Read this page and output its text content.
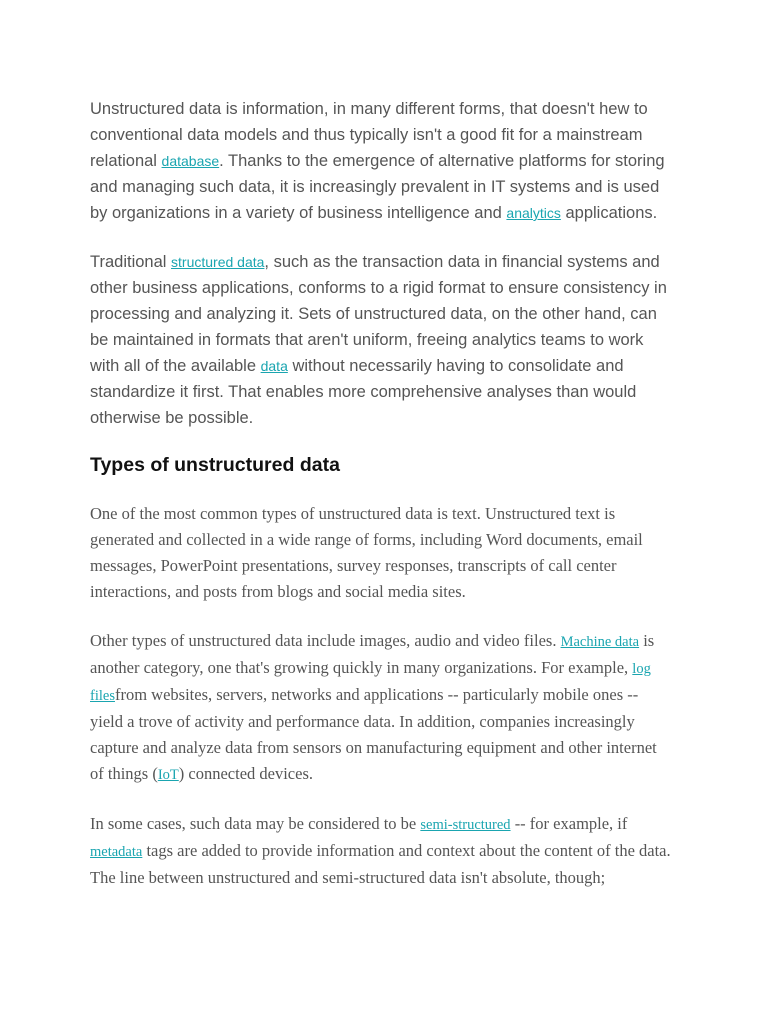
Unstructured data is information, in many different forms, that doesn't hew to conventional data models and thus typically isn't a good fit for a mainstream relational database. Thanks to the emergence of alternative platforms for storing and managing such data, it is increasingly prevalent in IT systems and is used by organizations in a variety of business intelligence and analytics applications.

Traditional structured data, such as the transaction data in financial systems and other business applications, conforms to a rigid format to ensure consistency in processing and analyzing it. Sets of unstructured data, on the other hand, can be maintained in formats that aren't uniform, freeing analytics teams to work with all of the available data without necessarily having to consolidate and standardize it first. That enables more comprehensive analyses than would otherwise be possible.

Types of unstructured data

One of the most common types of unstructured data is text. Unstructured text is generated and collected in a wide range of forms, including Word documents, email messages, PowerPoint presentations, survey responses, transcripts of call center interactions, and posts from blogs and social media sites.

Other types of unstructured data include images, audio and video files. Machine data is another category, one that's growing quickly in many organizations. For example, log filesfrom websites, servers, networks and applications -- particularly mobile ones -- yield a trove of activity and performance data. In addition, companies increasingly capture and analyze data from sensors on manufacturing equipment and other internet of things (IoT) connected devices.

In some cases, such data may be considered to be semi-structured -- for example, if metadata tags are added to provide information and context about the content of the data. The line between unstructured and semi-structured data isn't absolute, though;
